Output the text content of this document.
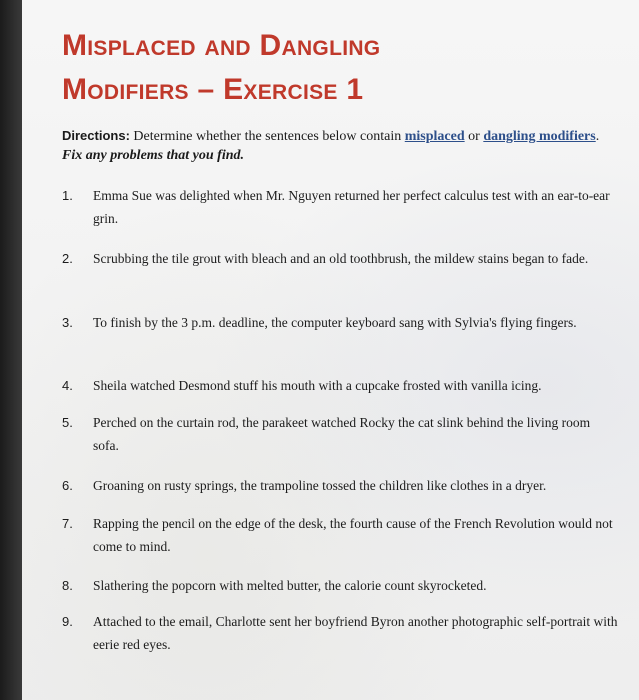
Misplaced and Dangling
Modifiers – Exercise 1
Directions: Determine whether the sentences below contain misplaced or dangling modifiers. Fix any problems that you find.
1.	Emma Sue was delighted when Mr. Nguyen returned her perfect calculus test with an ear-to-ear grin.
2.	Scrubbing the tile grout with bleach and an old toothbrush, the mildew stains began to fade.
3.	To finish by the 3 p.m. deadline, the computer keyboard sang with Sylvia's flying fingers.
4.	Sheila watched Desmond stuff his mouth with a cupcake frosted with vanilla icing.
5.	Perched on the curtain rod, the parakeet watched Rocky the cat slink behind the living room sofa.
6.	Groaning on rusty springs, the trampoline tossed the children like clothes in a dryer.
7.	Rapping the pencil on the edge of the desk, the fourth cause of the French Revolution would not come to mind.
8.	Slathering the popcorn with melted butter, the calorie count skyrocketed.
9.	Attached to the email, Charlotte sent her boyfriend Byron another photographic self-portrait with eerie red eyes.
